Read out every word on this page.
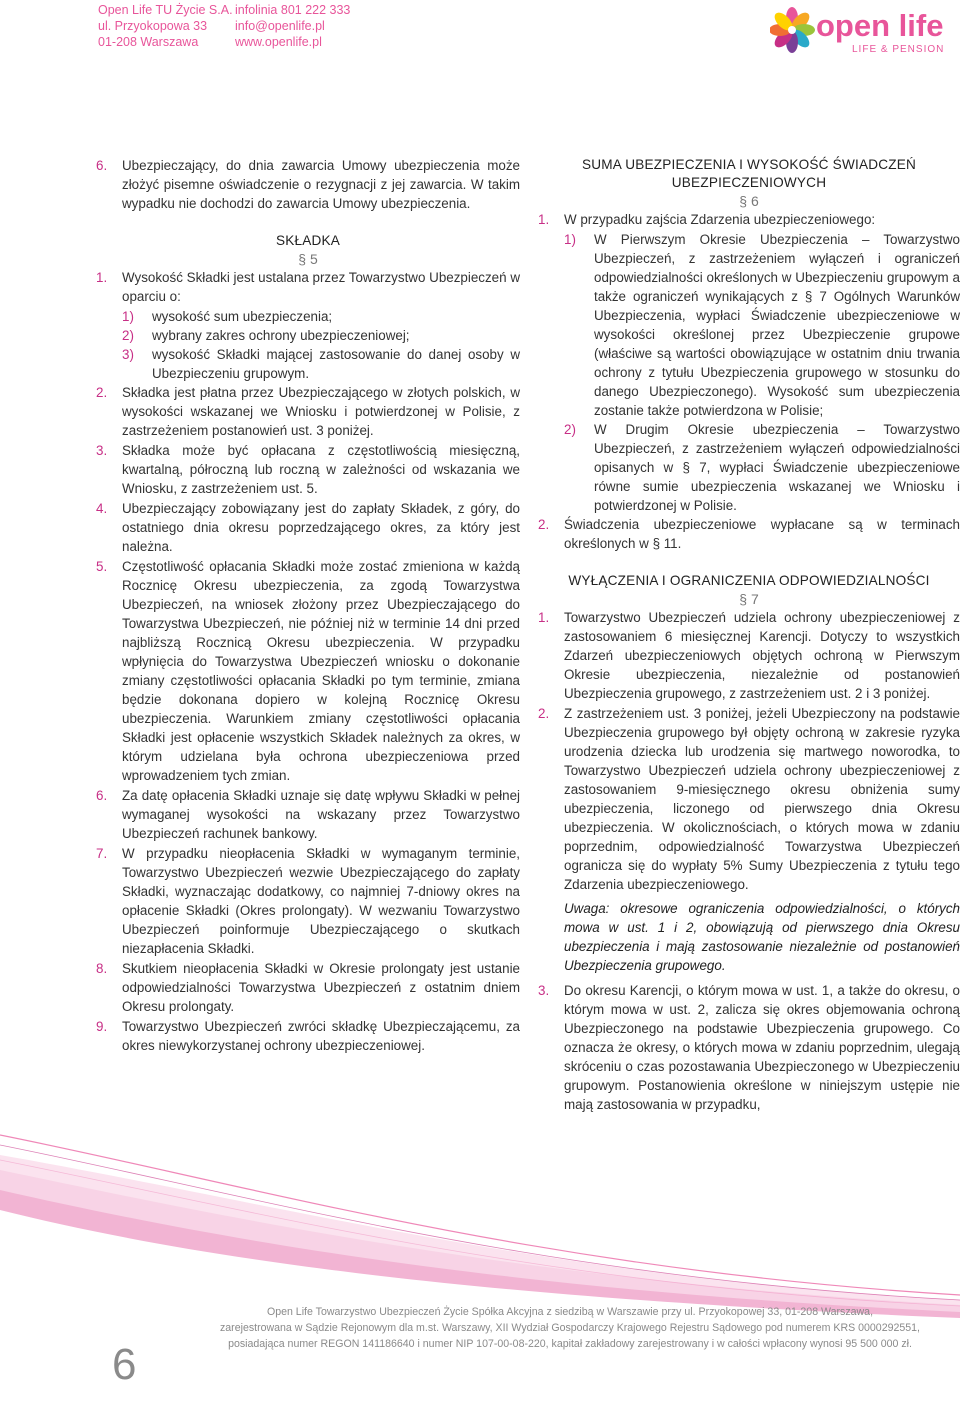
Open Life TU Życie S.A.
ul. Przyokopowa 33
01-208 Warszawa
infolinia 801 222 333
info@openlife.pl
www.openlife.pl	open life
LIFE & PENSION
6. Ubezpieczający, do dnia zawarcia Umowy ubezpieczenia może złożyć pisemne oświadczenie o rezygnacji z jej zawarcia. W takim wypadku nie dochodzi do zawarcia Umowy ubezpieczenia.
SKŁADKA
§ 5
1. Wysokość Składki jest ustalana przez Towarzystwo Ubezpieczeń w oparciu o:
1) wysokość sum ubezpieczenia;
2) wybrany zakres ochrony ubezpieczeniowej;
3) wysokość Składki mającej zastosowanie do danej osoby w Ubezpieczeniu grupowym.
2. Składka jest płatna przez Ubezpieczającego w złotych polskich, w wysokości wskazanej we Wniosku i potwierdzonej w Polisie, z zastrzeżeniem postanowień ust. 3 poniżej.
3. Składka może być opłacana z częstotliwością miesięczną, kwartalną, półroczną lub roczną w zależności od wskazania we Wniosku, z zastrzeżeniem ust. 5.
4. Ubezpieczający zobowiązany jest do zapłaty Składek, z góry, do ostatniego dnia okresu poprzedzającego okres, za który jest należna.
5. Częstotliwość opłacania Składki może zostać zmieniona w każdą Rocznicę Okresu ubezpieczenia, za zgodą Towarzystwa Ubezpieczeń, na wniosek złożony przez Ubezpieczającego do Towarzystwa Ubezpieczeń, nie później niż w terminie 14 dni przed najbliższą Rocznicą Okresu ubezpieczenia. W przypadku wpłynięcia do Towarzystwa Ubezpieczeń wniosku o dokonanie zmiany częstotliwości opłacania Składki po tym terminie, zmiana będzie dokonana dopiero w kolejną Rocznicę Okresu ubezpieczenia. Warunkiem zmiany częstotliwości opłacania Składki jest opłacenie wszystkich Składek należnych za okres, w którym udzielana była ochrona ubezpieczeniowa przed wprowadzeniem tych zmian.
6. Za datę opłacenia Składki uznaje się datę wpływu Składki w pełnej wymaganej wysokości na wskazany przez Towarzystwo Ubezpieczeń rachunek bankowy.
7. W przypadku nieopłacenia Składki w wymaganym terminie, Towarzystwo Ubezpieczeń wezwie Ubezpieczającego do zapłaty Składki, wyznaczając dodatkowy, co najmniej 7-dniowy okres na opłacenie Składki (Okres prolongaty). W wezwaniu Towarzystwo Ubezpieczeń poinformuje Ubezpieczającego o skutkach niezapłacenia Składki.
8. Skutkiem nieopłacenia Składki w Okresie prolongaty jest ustanie odpowiedzialności Towarzystwa Ubezpieczeń z ostatnim dniem Okresu prolongaty.
9. Towarzystwo Ubezpieczeń zwróci składkę Ubezpieczającemu, za okres niewykorzystanej ochrony ubezpieczeniowej.
SUMA UBEZPIECZENIA I WYSOKOŚĆ ŚWIADCZEŃ UBEZPIECZENIOWYCH
§ 6
1. W przypadku zajścia Zdarzenia ubezpieczeniowego:
1) W Pierwszym Okresie Ubezpieczenia – Towarzystwo Ubezpieczeń, z zastrzeżeniem wyłączeń i ograniczeń odpowiedzialności określonych w Ubezpieczeniu grupowym a także ograniczeń wynikających z § 7 Ogólnych Warunków Ubezpieczenia, wypłaci Świadczenie ubezpieczeniowe w wysokości określonej przez Ubezpieczenie grupowe (właściwe są wartości obowiązujące w ostatnim dniu trwania ochrony z tytułu Ubezpieczenia grupowego w stosunku do danego Ubezpieczonego). Wysokość sum ubezpieczenia zostanie także potwierdzona w Polisie;
2) W Drugim Okresie ubezpieczenia – Towarzystwo Ubezpieczeń, z zastrzeżeniem wyłączeń odpowiedzialności opisanych w § 7, wypłaci Świadczenie ubezpieczeniowe równe sumie ubezpieczenia wskazanej we Wniosku i potwierdzonej w Polisie.
2. Świadczenia ubezpieczeniowe wypłacane są w terminach określonych w § 11.
WYŁĄCZENIA I OGRANICZENIA ODPOWIEDZIALNOŚCI
§ 7
1. Towarzystwo Ubezpieczeń udziela ochrony ubezpieczeniowej z zastosowaniem 6 miesięcznej Karencji. Dotyczy to wszystkich Zdarzeń ubezpieczeniowych objętych ochroną w Pierwszym Okresie ubezpieczenia, niezależnie od postanowień Ubezpieczenia grupowego, z zastrzeżeniem ust. 2 i 3 poniżej.
2. Z zastrzeżeniem ust. 3 poniżej, jeżeli Ubezpieczony na podstawie Ubezpieczenia grupowego był objęty ochroną w zakresie ryzyka urodzenia dziecka lub urodzenia się martwego noworodka, to Towarzystwo Ubezpieczeń udziela ochrony ubezpieczeniowej z zastosowaniem 9-miesięcznego okresu obniżenia sumy ubezpieczenia, liczonego od pierwszego dnia Okresu ubezpieczenia. W okolicznościach, o których mowa w zdaniu poprzednim, odpowiedzialność Towarzystwa Ubezpieczeń ogranicza się do wypłaty 5% Sumy Ubezpieczenia z tytułu tego Zdarzenia ubezpieczeniowego.
Uwaga: okresowe ograniczenia odpowiedzialności, o których mowa w ust. 1 i 2, obowiązują od pierwszego dnia Okresu ubezpieczenia i mają zastosowanie niezależnie od postanowień Ubezpieczenia grupowego.
3. Do okresu Karencji, o którym mowa w ust. 1, a także do okresu, o którym mowa w ust. 2, zalicza się okres objemowania ochroną Ubezpieczonego na podstawie Ubezpieczenia grupowego. Co oznacza że okresy, o których mowa w zdaniu poprzednim, ulegają skróceniu o czas pozostawania Ubezpieczonego w Ubezpieczeniu grupowym. Postanowienia określone w niniejszym ustępie nie mają zastosowania w przypadku,
6
Open Life Towarzystwo Ubezpieczeń Życie Spółka Akcyjna z siedzibą w Warszawie przy ul. Przyokopowej 33, 01-208 Warszawa,
zarejestrowana w Sądzie Rejonowym dla m.st. Warszawy, XII Wydział Gospodarczy Krajowego Rejestru Sądowego pod numerem KRS 0000292551,
posiadająca numer REGON 141186640 i numer NIP 107-00-08-220, kapitał zakładowy zarejestrowany i w całości wpłacony wynosi 95 500 000 zł.
